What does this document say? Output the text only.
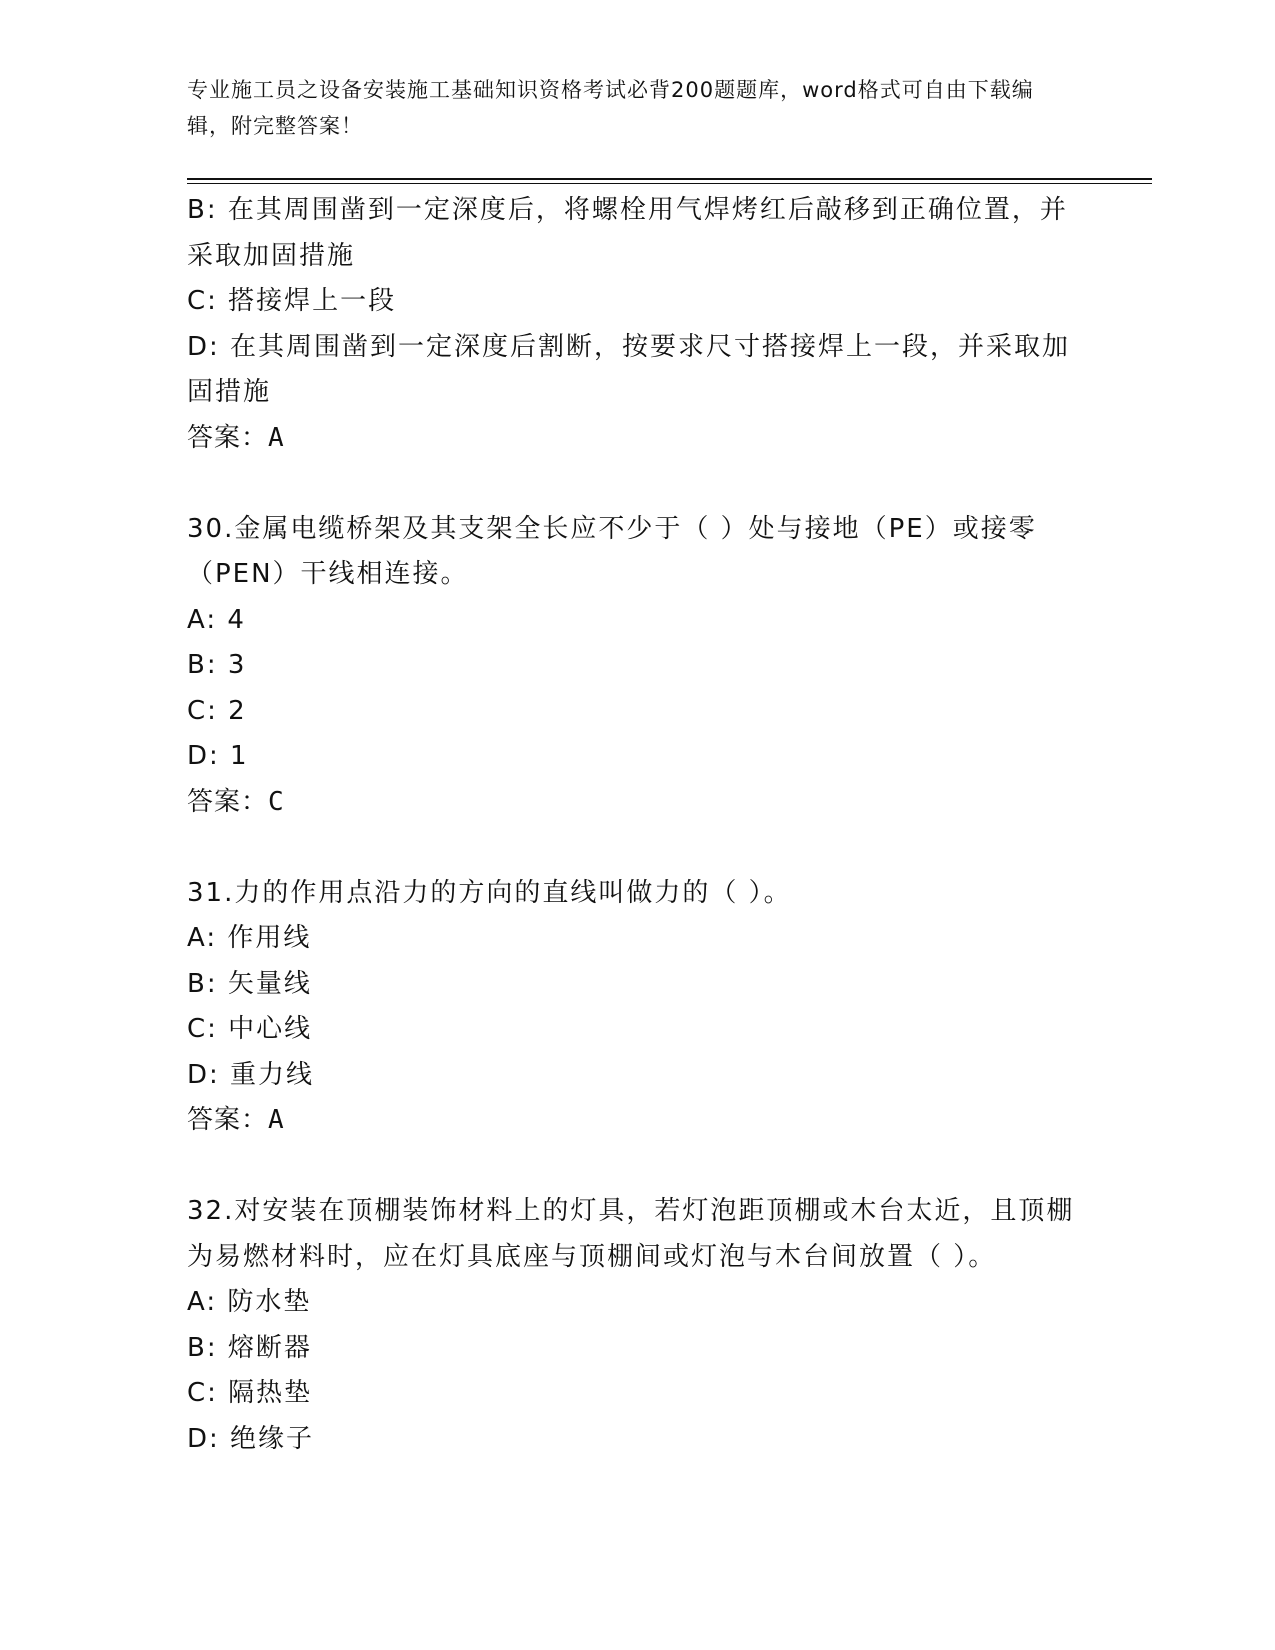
专业施工员之设备安装施工基础知识资格考试必背200题题库，word格式可自由下载编辑，附完整答案！

B: 在其周围凿到一定深度后，将螺栓用气焊烤红后敲移到正确位置，并采取加固措施

C: 搭接焊上一段

D: 在其周围凿到一定深度后割断，按要求尺寸搭接焊上一段，并采取加固措施

答案：A

30.金属电缆桥架及其支架全长应不少于（ ）处与接地（PE）或接零（PEN）干线相连接。

A: 4

B: 3

C: 2

D: 1

答案：C

31.力的作用点沿力的方向的直线叫做力的（ ）。

A: 作用线

B: 矢量线

C: 中心线

D: 重力线

答案：A

32.对安装在顶棚装饰材料上的灯具，若灯泡距顶棚或木台太近，且顶棚为易燃材料时，应在灯具底座与顶棚间或灯泡与木台间放置（ ）。

A: 防水垫

B: 熔断器

C: 隔热垫

D: 绝缘子
